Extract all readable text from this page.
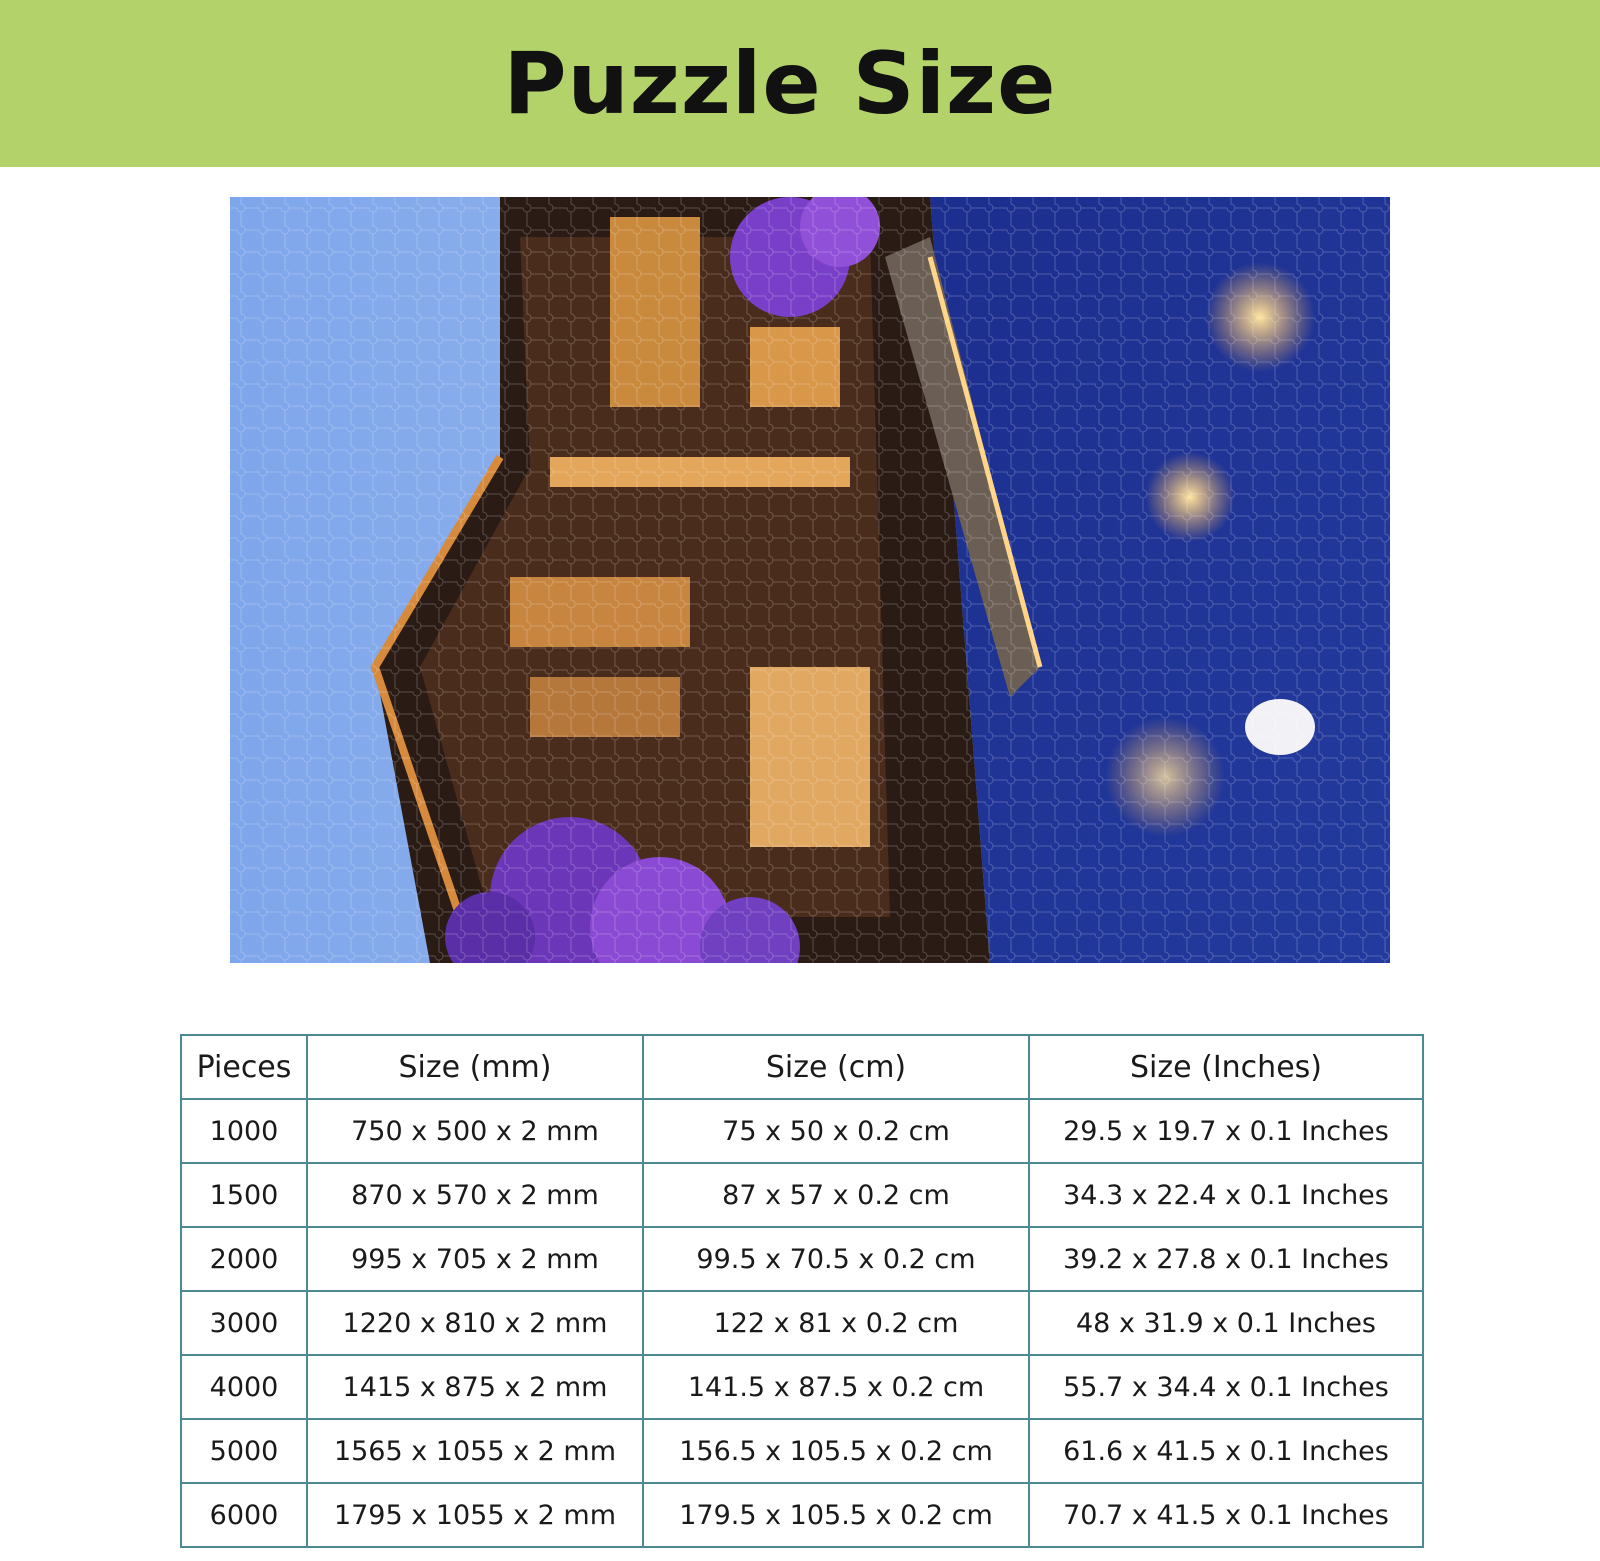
Puzzle Size
Pieces	Size (mm)	Size (cm)	Size (Inches)
1000	750 x 500 x 2 mm	75 x 50 x 0.2 cm	29.5 x 19.7 x 0.1 Inches
1500	870 x 570 x 2 mm	87 x 57 x 0.2 cm	34.3 x 22.4 x 0.1 Inches
2000	995 x 705 x 2 mm	99.5 x 70.5 x 0.2 cm	39.2 x 27.8 x 0.1 Inches
3000	1220 x 810 x 2 mm	122 x 81 x 0.2 cm	48 x 31.9 x 0.1 Inches
4000	1415 x 875 x 2 mm	141.5 x 87.5 x 0.2 cm	55.7 x 34.4 x 0.1 Inches
5000	1565 x 1055 x 2 mm	156.5 x 105.5 x 0.2 cm	61.6 x 41.5 x 0.1 Inches
6000	1795 x 1055 x 2 mm	179.5 x 105.5 x 0.2 cm	70.7 x 41.5 x 0.1 Inches
